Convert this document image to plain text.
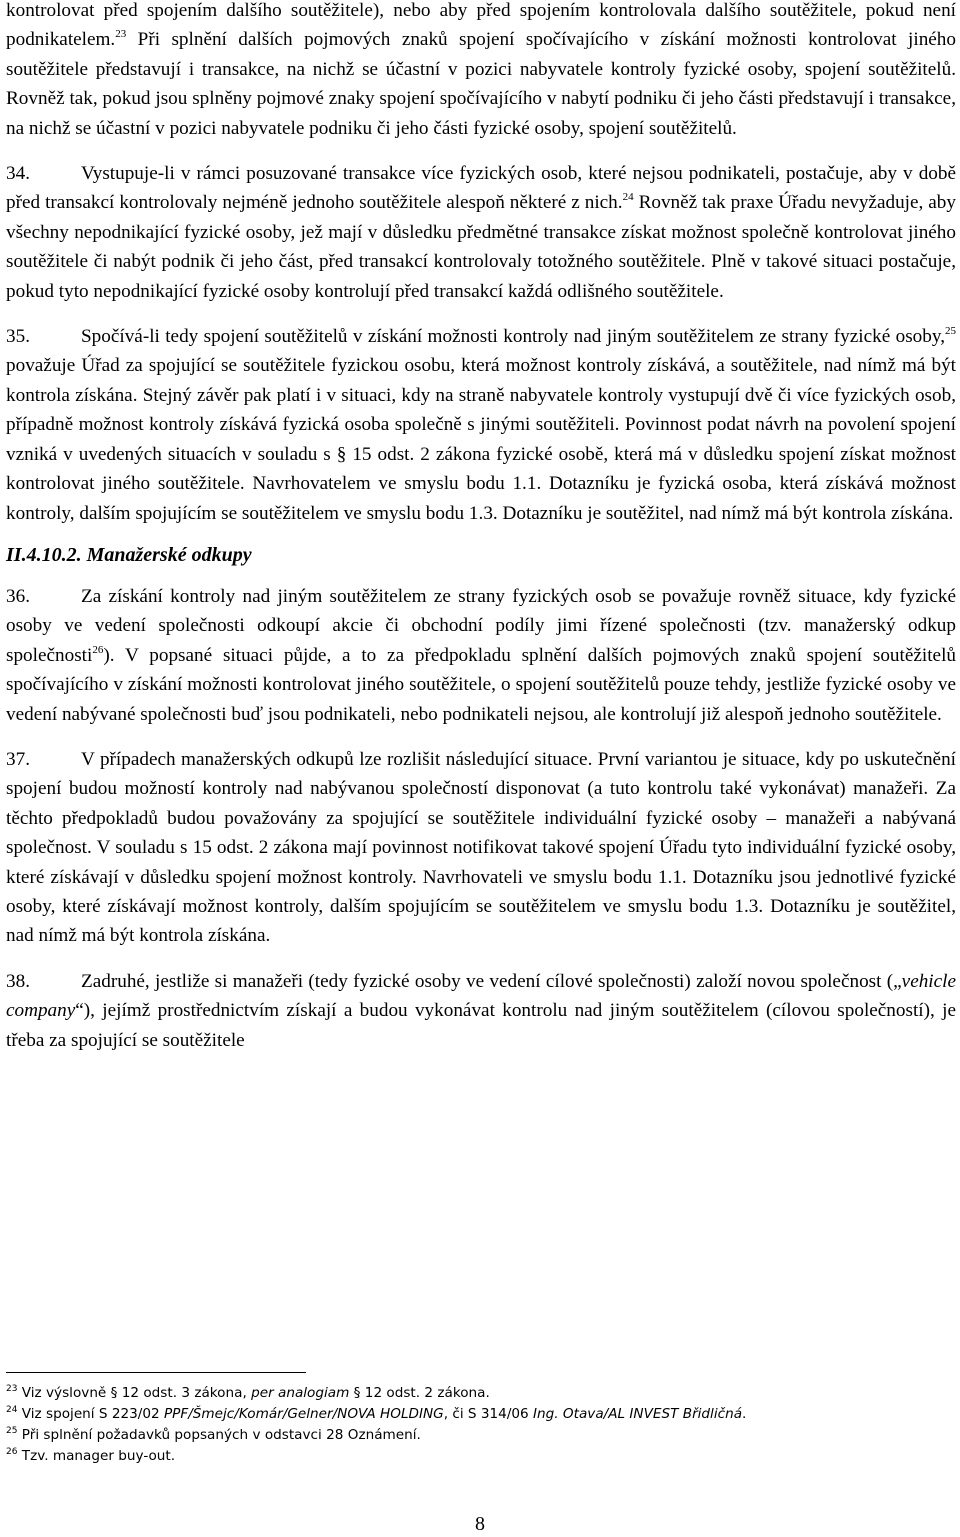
kontrolovat před spojením dalšího soutěžitele), nebo aby před spojením kontrolovala dalšího soutěžitele, pokud není podnikatelem.$^{23}$ Při splnění dalších pojmových znaků spojení spočívajícího v získání možnosti kontrolovat jiného soutěžitele představují i transakce, na nichž se účastní v pozici nabyvatele kontroly fyzické osoby, spojení soutěžitelů. Rovněž tak, pokud jsou splněny pojmové znaky spojení spočívajícího v nabytí podniku či jeho části představují i transakce, na nichž se účastní v pozici nabyvatele podniku či jeho části fyzické osoby, spojení soutěžitelů.

34.	Vystupuje-li v rámci posuzované transakce více fyzických osob, které nejsou podnikateli, postačuje, aby v době před transakcí kontrolovaly nejméně jednoho soutěžitele alespoň některé z nich.$^{24}$ Rovněž tak praxe Úřadu nevyžaduje, aby všechny nepodnikající fyzické osoby, jež mají v důsledku předmětné transakce získat možnost společně kontrolovat jiného soutěžitele či nabýt podnik či jeho část, před transakcí kontrolovaly totožného soutěžitele. Plně v takové situaci postačuje, pokud tyto nepodnikající fyzické osoby kontrolují před transakcí každá odlišného soutěžitele.

35.	Spočívá-li tedy spojení soutěžitelů v získání možnosti kontroly nad jiným soutěžitelem ze strany fyzické osoby,$^{25}$ považuje Úřad za spojující se soutěžitele fyzickou osobu, která možnost kontroly získává, a soutěžitele, nad nímž má být kontrola získána. Stejný závěr pak platí i v situaci, kdy na straně nabyvatele kontroly vystupují dvě či více fyzických osob, případně možnost kontroly získává fyzická osoba společně s jinými soutěžiteli. Povinnost podat návrh na povolení spojení vzniká v uvedených situacích v souladu s § 15 odst. 2 zákona fyzické osobě, která má v důsledku spojení získat možnost kontrolovat jiného soutěžitele. Navrhovatelem ve smyslu bodu 1.1. Dotazníku je fyzická osoba, která získává možnost kontroly, dalším spojujícím se soutěžitelem ve smyslu bodu 1.3. Dotazníku je soutěžitel, nad nímž má být kontrola získána.

II.4.10.2. Manažerské odkupy

36.	Za získání kontroly nad jiným soutěžitelem ze strany fyzických osob se považuje rovněž situace, kdy fyzické osoby ve vedení společnosti odkoupí akcie či obchodní podíly jimi řízené společnosti (tzv. manažerský odkup společnosti$^{26}$). V popsané situaci půjde, a to za předpokladu splnění dalších pojmových znaků spojení soutěžitelů spočívajícího v získání možnosti kontrolovat jiného soutěžitele, o spojení soutěžitelů pouze tehdy, jestliže fyzické osoby ve vedení nabývané společnosti buď jsou podnikateli, nebo podnikateli nejsou, ale kontrolují již alespoň jednoho soutěžitele.

37.	V případech manažerských odkupů lze rozlišit následující situace. První variantou je situace, kdy po uskutečnění spojení budou možností kontroly nad nabývanou společností disponovat (a tuto kontrolu také vykonávat) manažeři. Za těchto předpokladů budou považovány za spojující se soutěžitele individuální fyzické osoby – manažeři a nabývaná společnost. V souladu s 15 odst. 2 zákona mají povinnost notifikovat takové spojení Úřadu tyto individuální fyzické osoby, které získávají v důsledku spojení možnost kontroly. Navrhovateli ve smyslu bodu 1.1. Dotazníku jsou jednotlivé fyzické osoby, které získávají možnost kontroly, dalším spojujícím se soutěžitelem ve smyslu bodu 1.3. Dotazníku je soutěžitel, nad nímž má být kontrola získána.

38.	Zadruhé, jestliže si manažeři (tedy fyzické osoby ve vedení cílové společnosti) založí novou společnost („vehicle company“), jejímž prostřednictvím získají a budou vykonávat kontrolu nad jiným soutěžitelem (cílovou společností), je třeba za spojující se soutěžitele

$^{23}$ Viz výslovně § 12 odst. 3 zákona, per analogiam § 12 odst. 2 zákona.
$^{24}$ Viz spojení S 223/02 PPF/Šmejc/Komár/Gelner/NOVA HOLDING, či S 314/06 Ing. Otava/AL INVEST Břidličná.
$^{25}$ Při splnění požadavků popsaných v odstavci 28 Oznámení.
$^{26}$ Tzv. manager buy-out.
8
